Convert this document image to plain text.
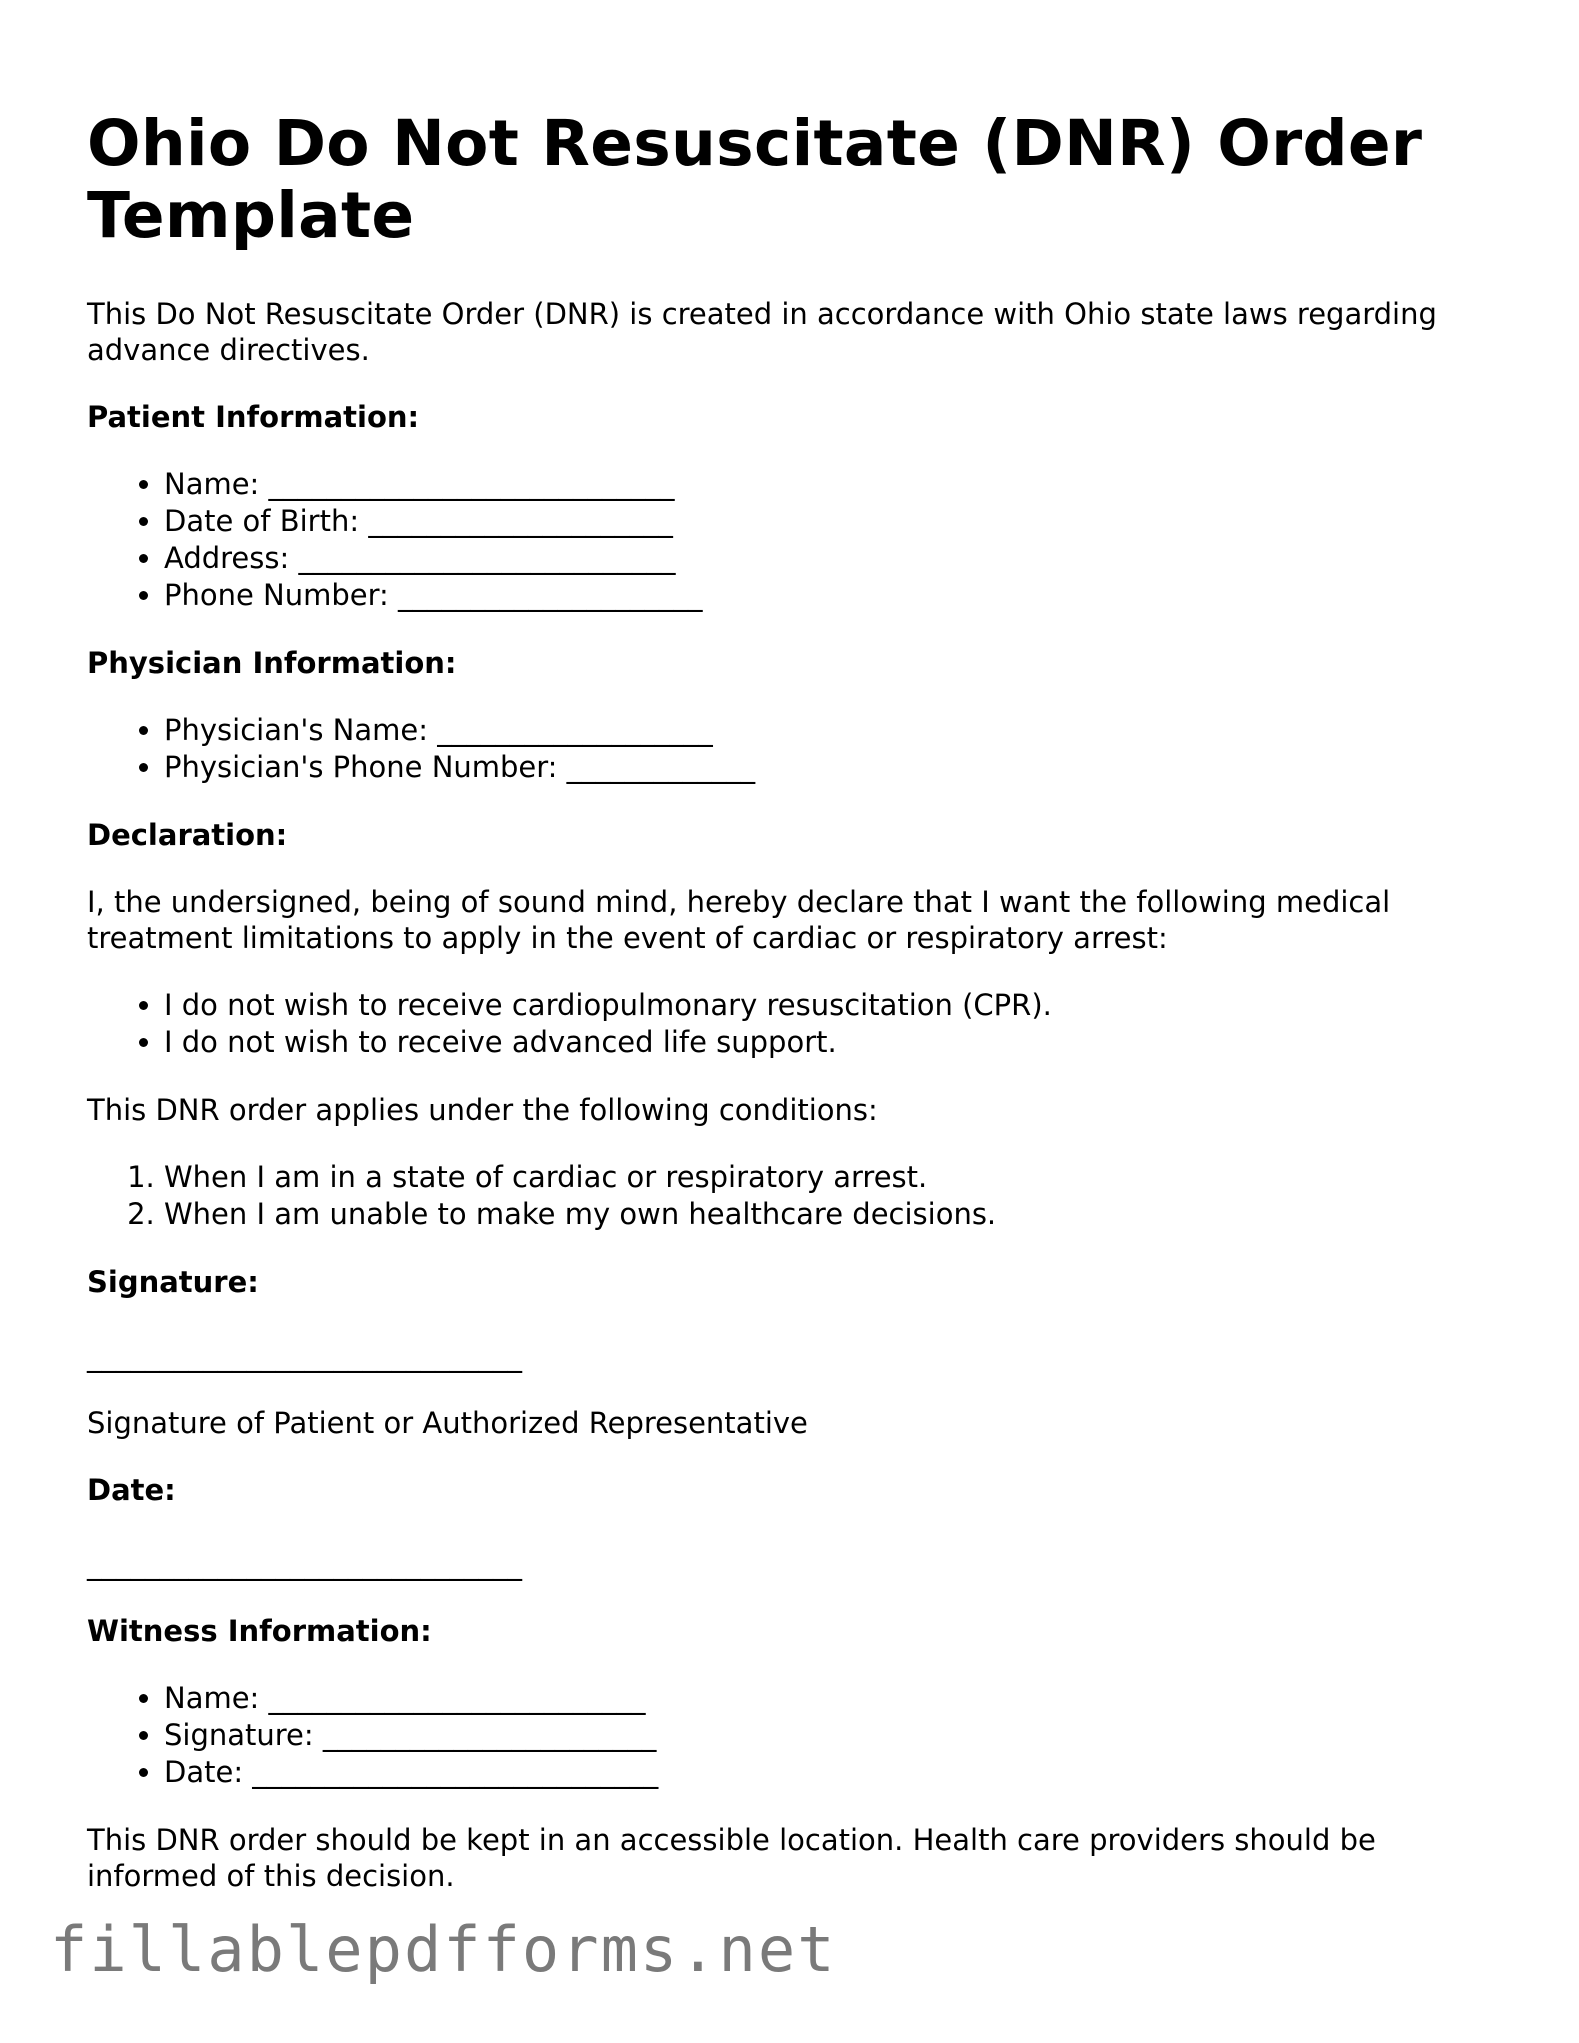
Ohio Do Not Resuscitate (DNR) Order Template

This Do Not Resuscitate Order (DNR) is created in accordance with Ohio state laws regarding advance directives.

Patient Information:

• Name: ____________________________
• Date of Birth: _____________________
• Address: __________________________
• Phone Number: _____________________

Physician Information:

• Physician's Name: ___________________
• Physician's Phone Number: _____________

Declaration:

I, the undersigned, being of sound mind, hereby declare that I want the following medical treatment limitations to apply in the event of cardiac or respiratory arrest:

• I do not wish to receive cardiopulmonary resuscitation (CPR).
• I do not wish to receive advanced life support.

This DNR order applies under the following conditions:

1. When I am in a state of cardiac or respiratory arrest.
2. When I am unable to make my own healthcare decisions.

Signature:

______________________________

Signature of Patient or Authorized Representative

Date:

______________________________

Witness Information:

• Name: __________________________
• Signature: _______________________
• Date: ____________________________

This DNR order should be kept in an accessible location. Health care providers should be informed of this decision.

fillablepdfforms.net
